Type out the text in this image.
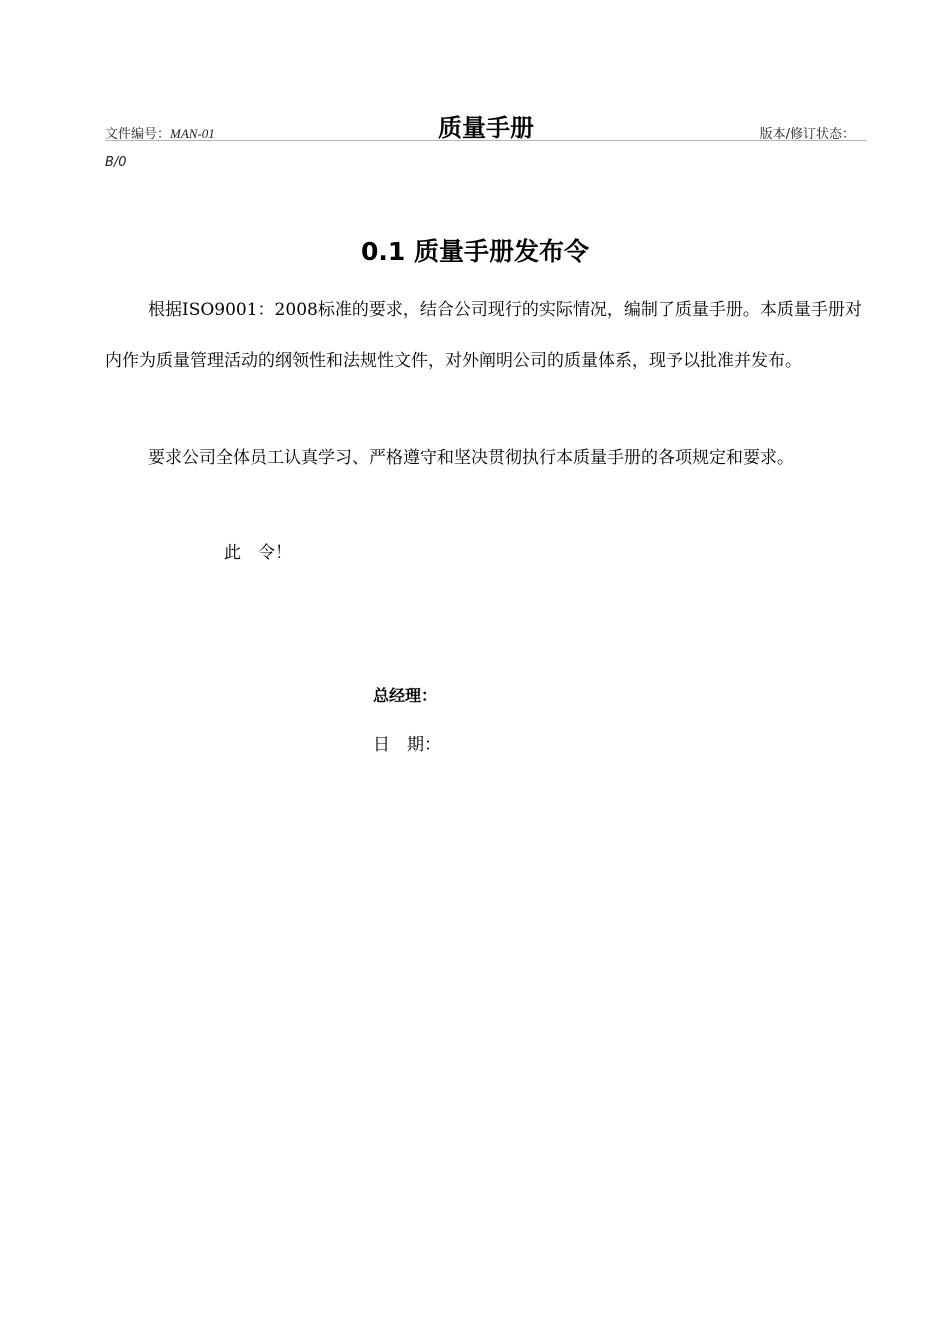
文件编号：MAN-01	质量手册	版本/修订状态：
B/0
0.1 质量手册发布令

根据ISO9001：2008标准的要求，结合公司现行的实际情况，编制了质量手册。本质量手册对内作为质量管理活动的纲领性和法规性文件，对外阐明公司的质量体系，现予以批准并发布。

要求公司全体员工认真学习、严格遵守和坚决贯彻执行本质量手册的各项规定和要求。

此　令！
总经理：
日　期：
